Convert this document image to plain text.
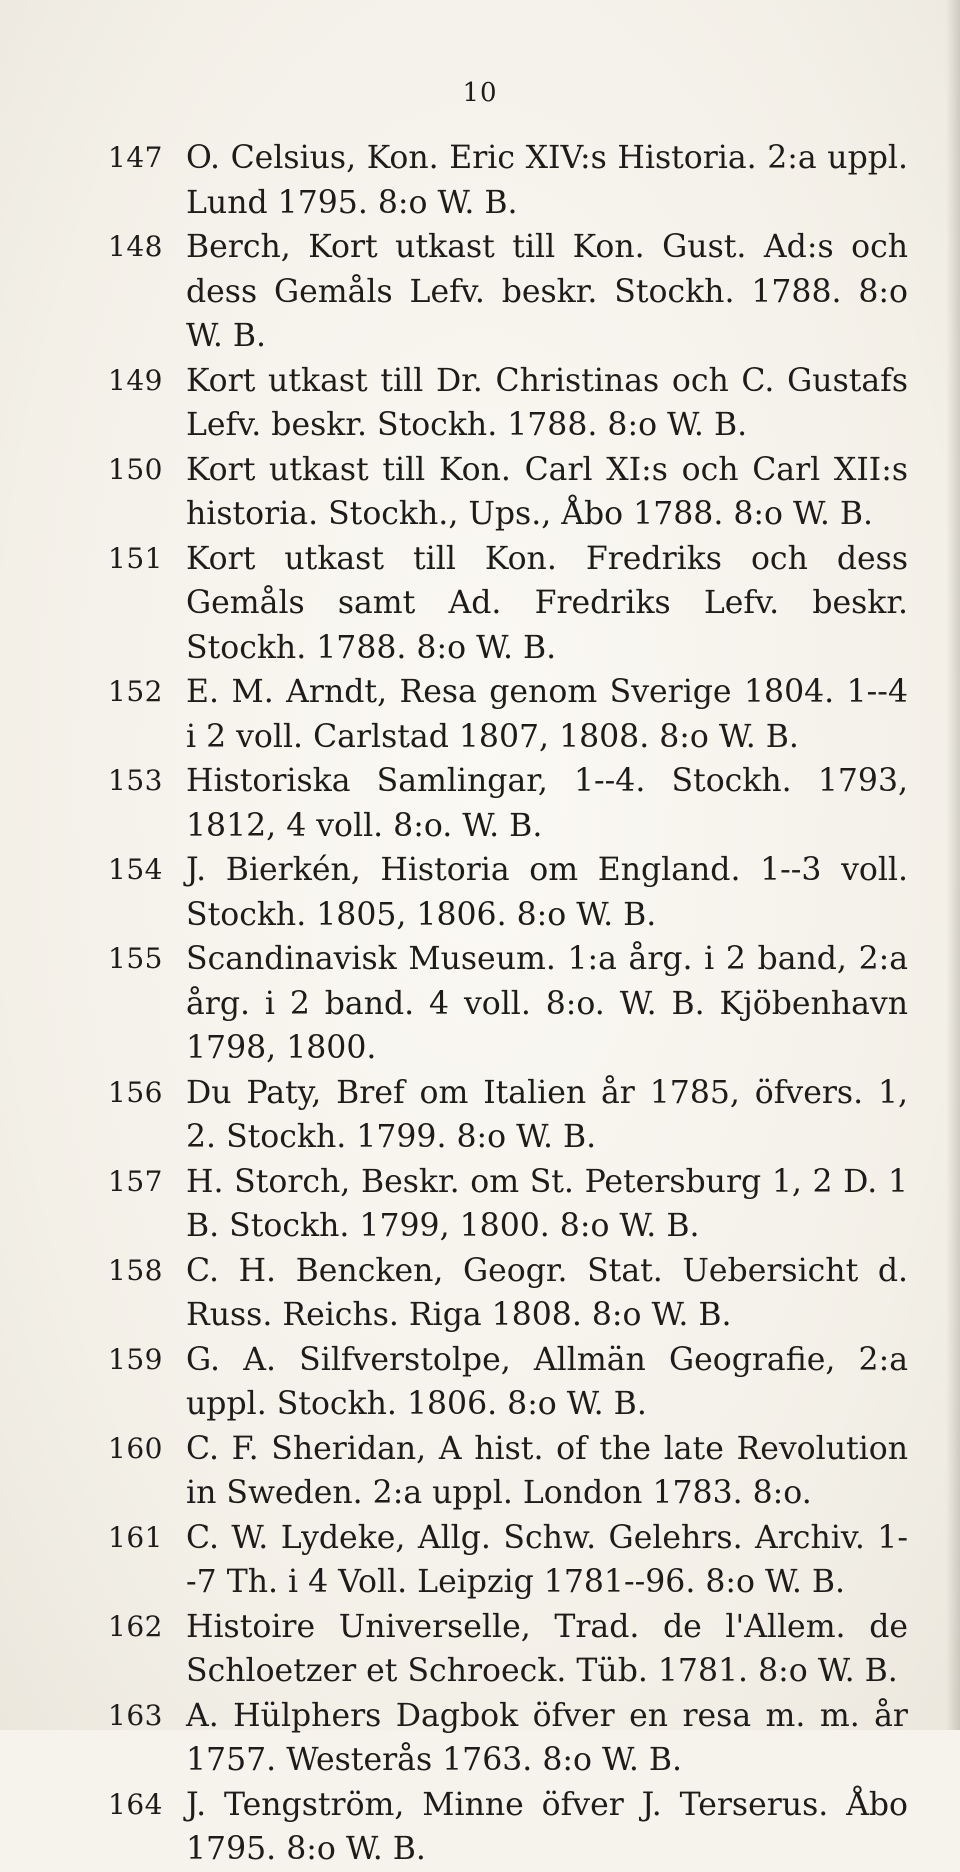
10

147 O. Celsius, Kon. Eric XIV:s Historia. 2:a uppl. Lund 1795. 8:o W. B.

148 Berch, Kort utkast till Kon. Gust. Ad:s och dess Gemåls Lefv. beskr. Stockh. 1788. 8:o W. B.

149 Kort utkast till Dr. Christinas och C. Gustafs Lefv. beskr. Stockh. 1788. 8:o W. B.

150 Kort utkast till Kon. Carl XI:s och Carl XII:s historia. Stockh., Ups., Åbo 1788. 8:o W. B.

151 Kort utkast till Kon. Fredriks och dess Gemåls samt Ad. Fredriks Lefv. beskr. Stockh. 1788. 8:o W. B.

152 E. M. Arndt, Resa genom Sverige 1804. 1--4 i 2 voll. Carlstad 1807, 1808. 8:o W. B.

153 Historiska Samlingar, 1--4. Stockh. 1793, 1812, 4 voll. 8:o. W. B.

154 J. Bierkén, Historia om England. 1--3 voll. Stockh. 1805, 1806. 8:o W. B.

155 Scandinavisk Museum. 1:a årg. i 2 band, 2:a årg. i 2 band. 4 voll. 8:o. W. B. Kjöbenhavn 1798, 1800.

156 Du Paty, Bref om Italien år 1785, öfvers. 1, 2. Stockh. 1799. 8:o W. B.

157 H. Storch, Beskr. om St. Petersburg 1, 2 D. 1 B. Stockh. 1799, 1800. 8:o W. B.

158 C. H. Bencken, Geogr. Stat. Uebersicht d. Russ. Reichs. Riga 1808. 8:o W. B.

159 G. A. Silfverstolpe, Allmän Geografie, 2:a uppl. Stockh. 1806. 8:o W. B.

160 C. F. Sheridan, A hist. of the late Revolution in Sweden. 2:a uppl. London 1783. 8:o.

161 C. W. Lydeke, Allg. Schw. Gelehrs. Archiv. 1--7 Th. i 4 Voll. Leipzig 1781--96. 8:o W. B.

162 Histoire Universelle, Trad. de l'Allem. de Schloetzer et Schroeck. Tüb. 1781. 8:o W. B.

163 A. Hülphers Dagbok öfver en resa m. m. år 1757. Westerås 1763. 8:o W. B.

164 J. Tengström, Minne öfver J. Terserus. Åbo 1795. 8:o W. B.
